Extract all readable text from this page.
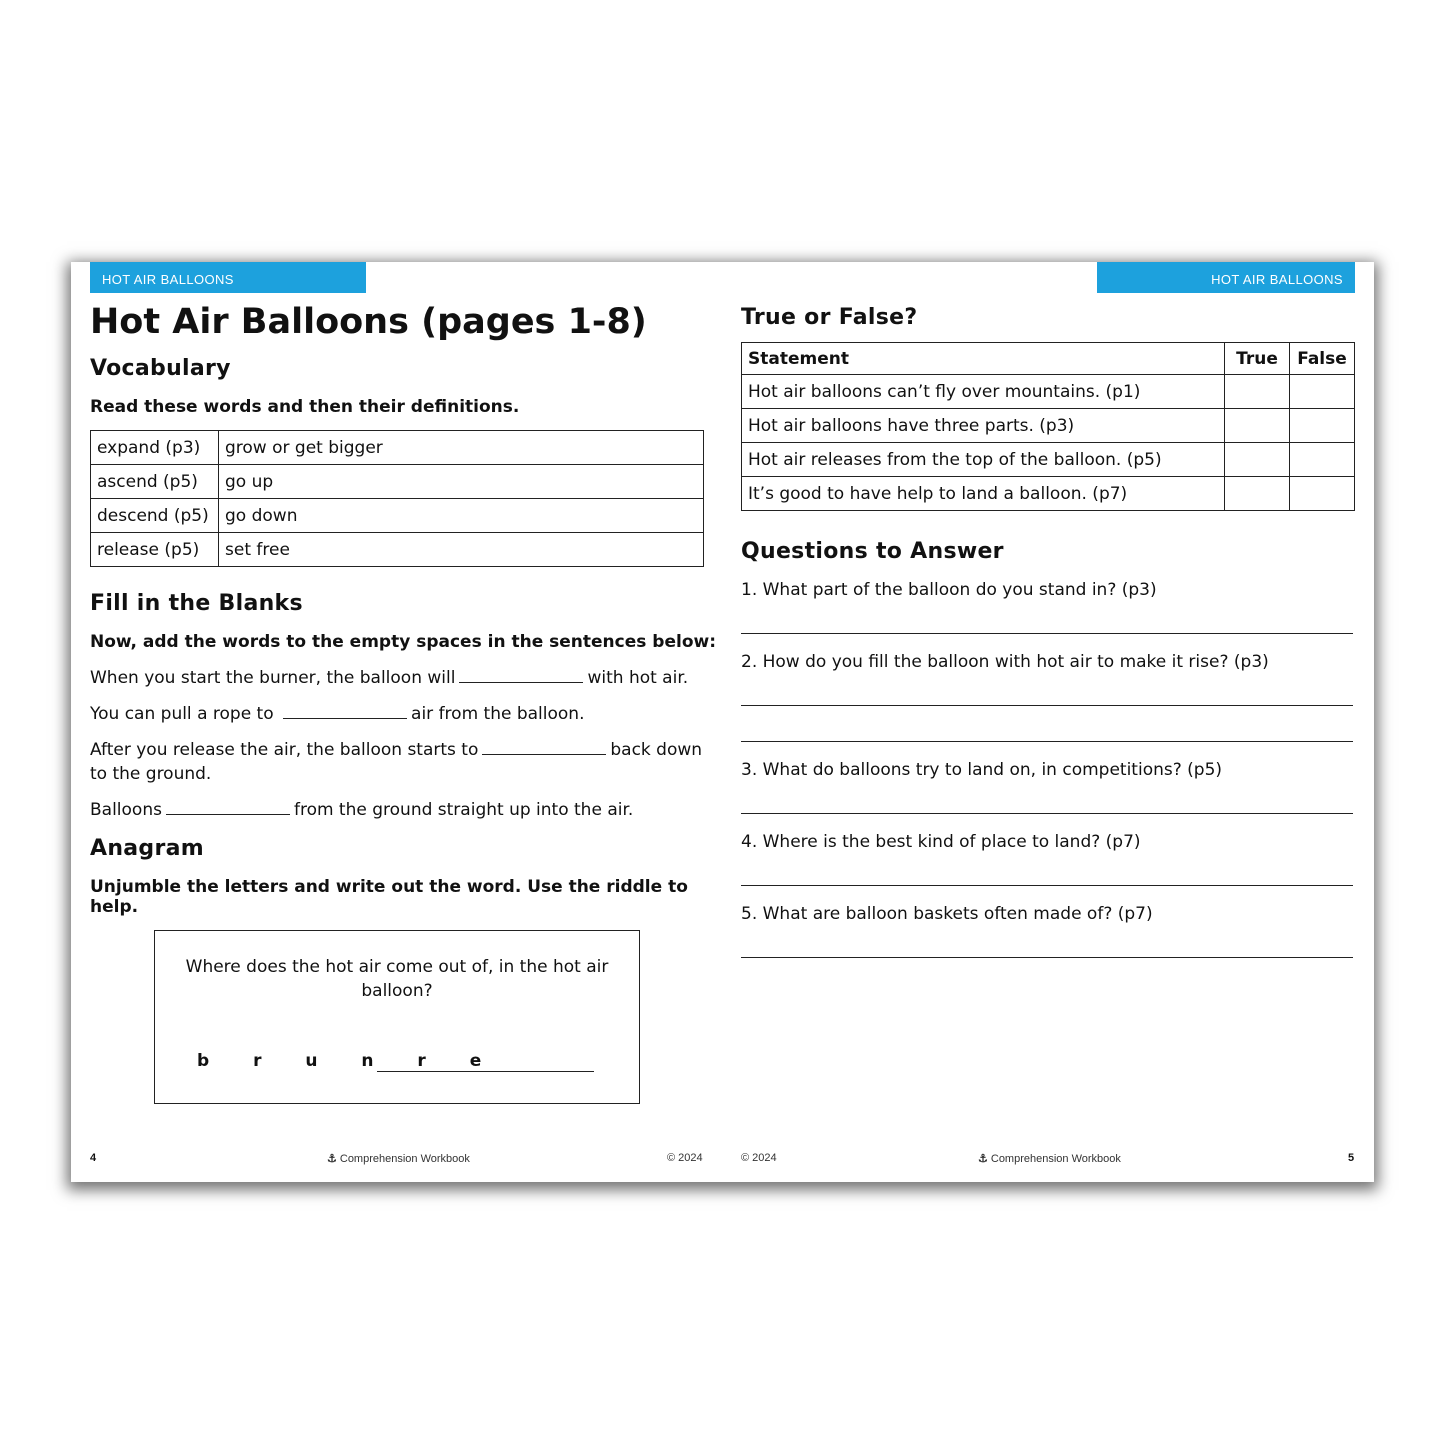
HOT AIR BALLOONS
Hot Air Balloons (pages 1-8)
Vocabulary

Read these words and then their definitions.

expand (p3)	grow or get bigger
ascend (p5)	go up
descend (p5)	go down
release (p5)	set free
Fill in the Blanks

Now, add the words to the empty spaces in the sentences below:

When you start the burner, the balloon will	with hot air.

You can pull a rope to	air from the balloon.

After you release the air, the balloon starts to	back down to the ground.

Balloons	from the ground straight up into the air.

Anagram

Unjumble the letters and write out the word. Use the riddle to help.

Where does the hot air come out of, in the hot air balloon?

b r u n r e

4	⚓︎ Comprehension Workbook	© 2024

HOT AIR BALLOONS
True or False?
Statement	True	False
Hot air balloons can’t fly over mountains. (p1)		
Hot air balloons have three parts. (p3)		
Hot air releases from the top of the balloon. (p5)		
It’s good to have help to land a balloon. (p7)		
Questions to Answer

1. What part of the balloon do you stand in? (p3)

2. How do you fill the balloon with hot air to make it rise? (p3)

3. What do balloons try to land on, in competitions? (p5)

4. Where is the best kind of place to land? (p7)

5. What are balloon baskets often made of? (p7)

© 2024	⚓︎ Comprehension Workbook	5
